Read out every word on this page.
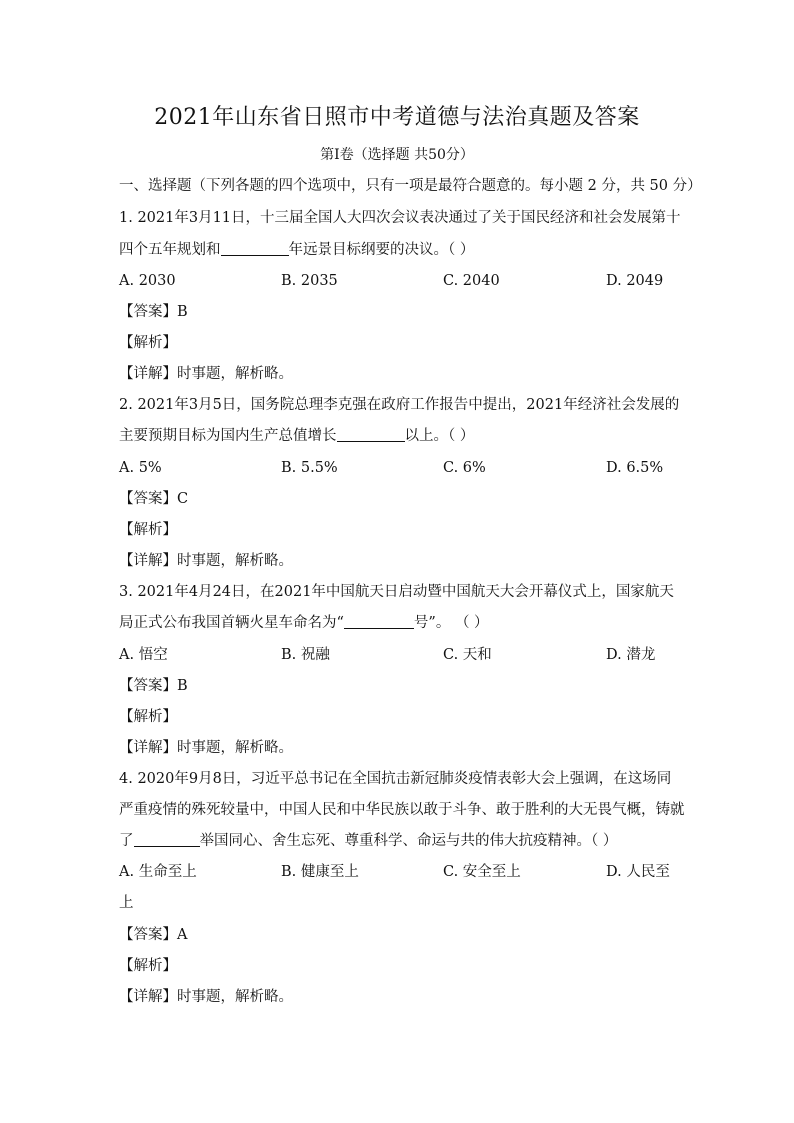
2021年山东省日照市中考道德与法治真题及答案
第Ⅰ卷（选择题 共50分）
一、选择题（下列各题的四个选项中，只有一项是最符合题意的。每小题 2 分，共 50 分）
1. 2021年3月11日，十三届全国人大四次会议表决通过了关于国民经济和社会发展第十
四个五年规划和	年远景目标纲要的决议。（ ）
A. 2030	B. 2035	C. 2040	D. 2049
【答案】B
【解析】
【详解】时事题，解析略。
2. 2021年3月5日，国务院总理李克强在政府工作报告中提出，2021年经济社会发展的
主要预期目标为国内生产总值增长	以上。（ ）
A. 5%	B. 5.5%	C. 6%	D. 6.5%
【答案】C
【解析】
【详解】时事题，解析略。
3. 2021年4月24日，在2021年中国航天日启动暨中国航天大会开幕仪式上，国家航天
局正式公布我国首辆火星车命名为“	号”。 （ ）
A. 悟空	B. 祝融	C. 天和	D. 潜龙
【答案】B
【解析】
【详解】时事题，解析略。
4. 2020年9月8日，习近平总书记在全国抗击新冠肺炎疫情表彰大会上强调，在这场同
严重疫情的殊死较量中，中国人民和中华民族以敢于斗争、敢于胜利的大无畏气概，铸就
了	举国同心、舍生忘死、尊重科学、命运与共的伟大抗疫精神。（ ）
A. 生命至上	B. 健康至上	C. 安全至上	D. 人民至
上
【答案】A
【解析】
【详解】时事题，解析略。
